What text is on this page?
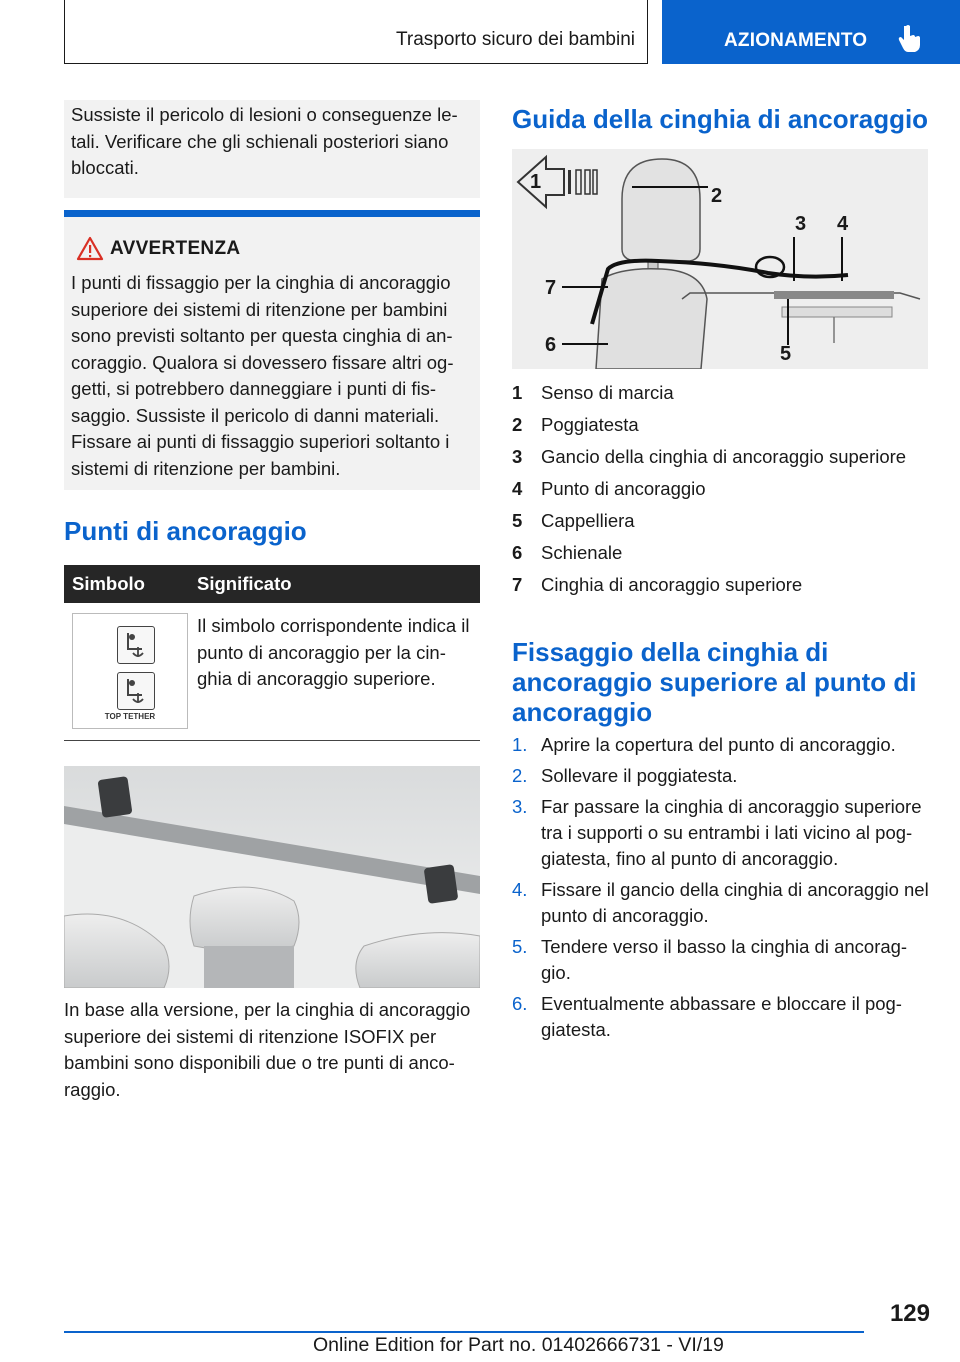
Trasporto sicuro dei bambini	AZIONAMENTO
Sussiste il pericolo di lesioni o conseguenze le-tali. Verificare che gli schienali posteriori siano bloccati.
AVVERTENZA
I punti di fissaggio per la cinghia di ancoraggio superiore dei sistemi di ritenzione per bambini sono previsti soltanto per questa cinghia di an-coraggio. Qualora si dovessero fissare altri og-getti, si potrebbero danneggiare i punti di fis-saggio. Sussiste il pericolo di danni materiali. Fissare ai punti di fissaggio superiori soltanto i sistemi di ritenzione per bambini.
Punti di ancoraggio
Simbolo	Significato

TOP TETHER	Il simbolo corrispondente indica il punto di ancoraggio per la cin-ghia di ancoraggio superiore.
In base alla versione, per la cinghia di ancoraggio superiore dei sistemi di ritenzione ISOFIX per bambini sono disponibili due o tre punti di anco-raggio.
Guida della cinghia di ancoraggio
1
2
3 4
5
6
7
1	Senso di marcia
2	Poggiatesta
3	Gancio della cinghia di ancoraggio superiore
4	Punto di ancoraggio
5	Cappelliera
6	Schienale
7	Cinghia di ancoraggio superiore
Fissaggio della cinghia di ancoraggio superiore al punto di ancoraggio
1. Aprire la copertura del punto di ancoraggio.
2. Sollevare il poggiatesta.
3. Far passare la cinghia di ancoraggio superiore tra i supporti o su entrambi i lati vicino al pog-giatesta, fino al punto di ancoraggio.
4. Fissare il gancio della cinghia di ancoraggio nel punto di ancoraggio.
5. Tendere verso il basso la cinghia di ancorag-gio.
6. Eventualmente abbassare e bloccare il pog-giatesta.
129
Online Edition for Part no. 01402666731 - VI/19
